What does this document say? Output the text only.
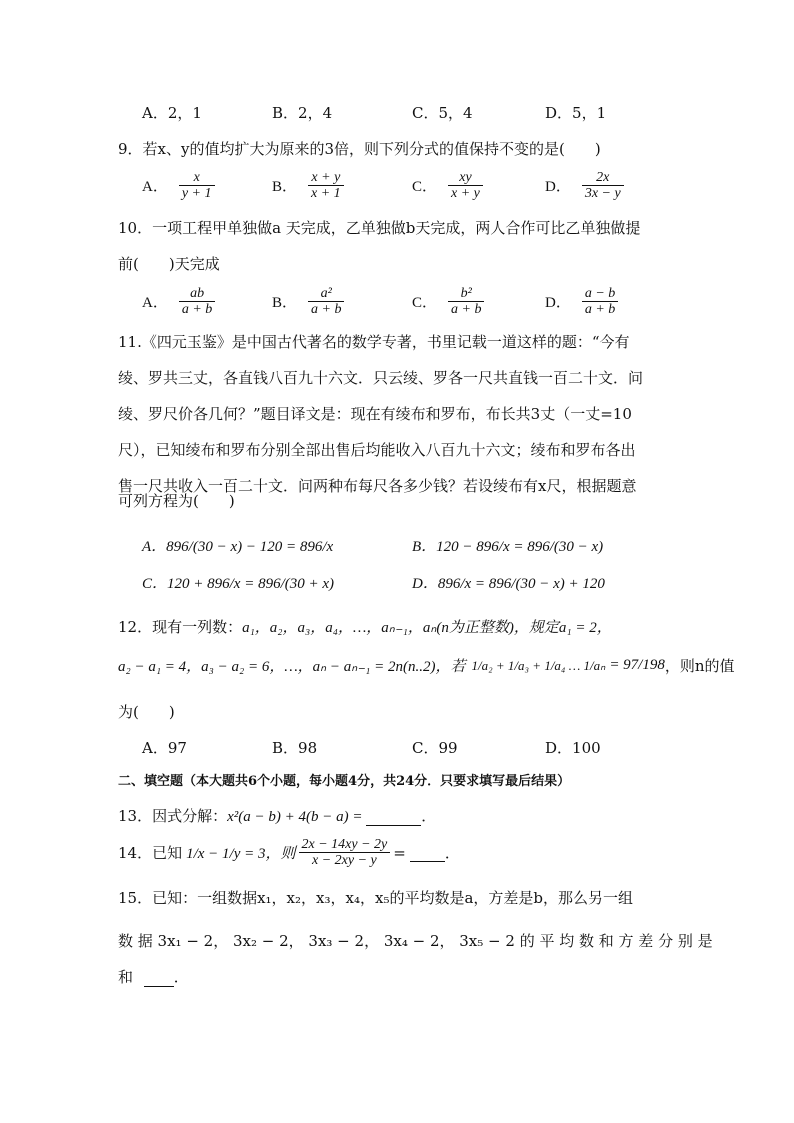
A．2，1	B．2，4	C．5，4	D．5，1
9．若x、y的值均扩大为原来的3倍，则下列分式的值保持不变的是(　　)
A． $\frac{x}{y + 1}$	B． $\frac{x + y}{x + 1}$	C． $\frac{xy}{x + y}$	D． $\frac{2x}{3x - y}$
10．一项工程甲单独做a 天完成，乙单独做b天完成，两人合作可比乙单独做提
前(　　)天完成
A． $\frac{ab}{a + b}$	B． $\frac{\text{a²}}{a + b}$	C． $\frac{\text{b²}}{a + b}$	D． $\frac{a - b}{a + b}$
11.《四元玉鉴》是中国古代著名的数学专著，书里记载一道这样的题：“今有
绫、罗共三丈，各直钱八百九十六文．只云绫、罗各一尺共直钱一百二十文．问
绫、罗尺价各几何？”题目译文是：现在有绫布和罗布，布长共3丈（一丈=10
尺），已知绫布和罗布分别全部出售后均能收入八百九十六文；绫布和罗布各出
售一尺共收入一百二十文．问两种布每尺各多少钱？若设绫布有x尺，根据题意
可列方程为(　　)
A．896/(30 − x) − 120 = 896/x	B．120 − 896/x = 896/(30 − x)
C．120 + 896/x = 896/(30 + x)	D．896/x = 896/(30 − x) + 120
12．现有一列数：a₁，a₂，a₃，a₄，…，aₙ₋₁，aₙ(n为正整数)，规定a₁ = 2，
a₂ − a₁ = 4，a₃ − a₂ = 6，…，aₙ − aₙ₋₁ = 2n(n..2)，若 1/a₂ + 1/a₃ + 1/a₄ … 1/aₙ = 97/198 ，则n的值
为(　　)
A．97	B．98	C．99	D．100
二、填空题（本大题共6个小题，每小题4分，共24分．只要求填写最后结果）
13．因式分解：x²(a − b) + 4(b − a) =	．
14．已知 1/x − 1/y = 3，则 $\frac{2x - 14xy - 2y}{x - 2xy - y}$ =
	．
15．已知：一组数据x₁，x₂，x₃，x₄，x₅的平均数是a，方差是b，那么另一组
数 据 3x₁ − 2， 3x₂ − 2， 3x₃ − 2， 3x₄ − 2， 3x₅ − 2 的 平 均 数 和 方 差 分 别 是
和  ．
